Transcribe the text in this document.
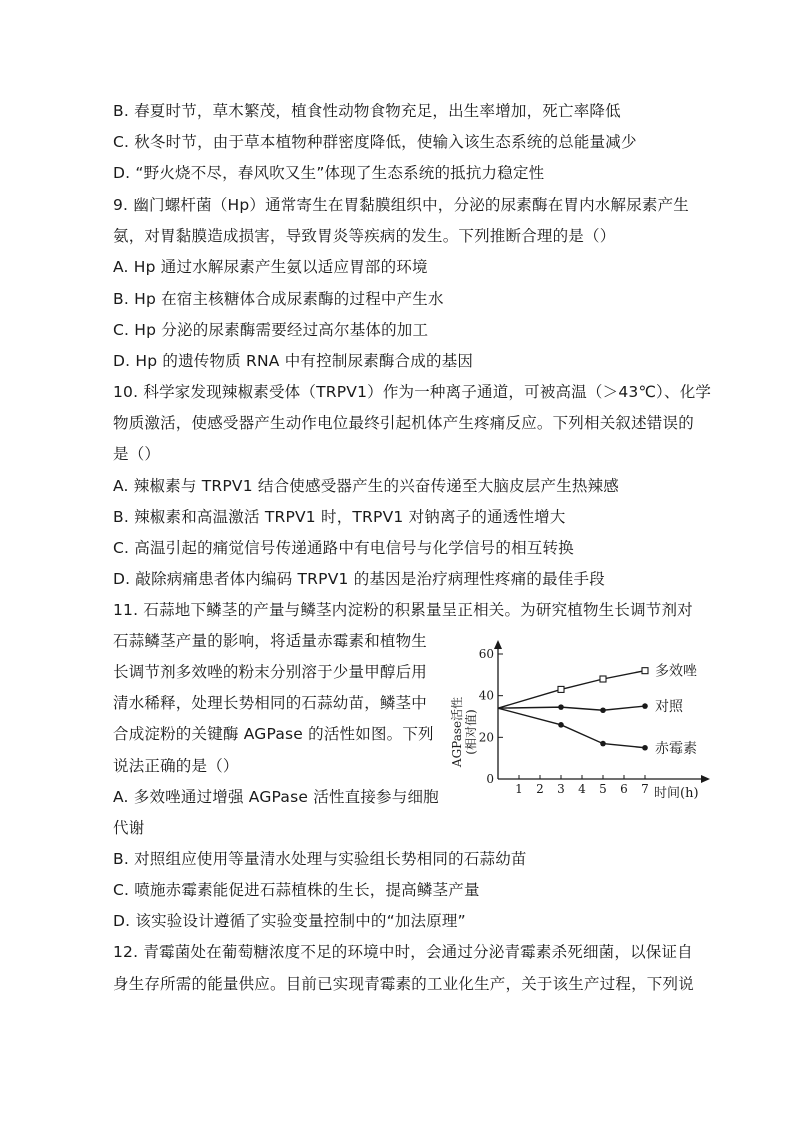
B. 春夏时节，草木繁茂，植食性动物食物充足，出生率增加，死亡率降低
C. 秋冬时节，由于草本植物种群密度降低，使输入该生态系统的总能量减少
D. “野火烧不尽，春风吹又生”体现了生态系统的抵抗力稳定性
9. 幽门螺杆菌（Hp）通常寄生在胃黏膜组织中，分泌的尿素酶在胃内水解尿素产生
氨，对胃黏膜造成损害，导致胃炎等疾病的发生。下列推断合理的是（）
A. Hp 通过水解尿素产生氨以适应胃部的环境
B. Hp 在宿主核糖体合成尿素酶的过程中产生水
C. Hp 分泌的尿素酶需要经过高尔基体的加工
D. Hp 的遗传物质 RNA 中有控制尿素酶合成的基因
10. 科学家发现辣椒素受体（TRPV1）作为一种离子通道，可被高温（＞43℃）、化学
物质激活，使感受器产生动作电位最终引起机体产生疼痛反应。下列相关叙述错误的
是（）
A. 辣椒素与 TRPV1 结合使感受器产生的兴奋传递至大脑皮层产生热辣感
B. 辣椒素和高温激活 TRPV1 时，TRPV1 对钠离子的通透性增大
C. 高温引起的痛觉信号传递通路中有电信号与化学信号的相互转换
D. 敲除病痛患者体内编码 TRPV1 的基因是治疗病理性疼痛的最佳手段
11. 石蒜地下鳞茎的产量与鳞茎内淀粉的积累量呈正相关。为研究植物生长调节剂对
石蒜鳞茎产量的影响，将适量赤霉素和植物生
长调节剂多效唑的粉末分别溶于少量甲醇后用
清水稀释，处理长势相同的石蒜幼苗，鳞茎中
合成淀粉的关键酶 AGPase 的活性如图。下列
说法正确的是（）
A. 多效唑通过增强 AGPase 活性直接参与细胞
代谢
B. 对照组应使用等量清水处理与实验组长势相同的石蒜幼苗
C. 喷施赤霉素能促进石蒜植株的生长，提高鳞茎产量
D. 该实验设计遵循了实验变量控制中的“加法原理”
12. 青霉菌处在葡萄糖浓度不足的环境中时，会通过分泌青霉素杀死细菌，以保证自
身生存所需的能量供应。目前已实现青霉素的工业化生产，关于该生产过程，下列说
0
20
40
60
1 2 3 4 5 6 7
多效唑
对照
赤霉素
时间(h)
AGPase活性 (相对值)
